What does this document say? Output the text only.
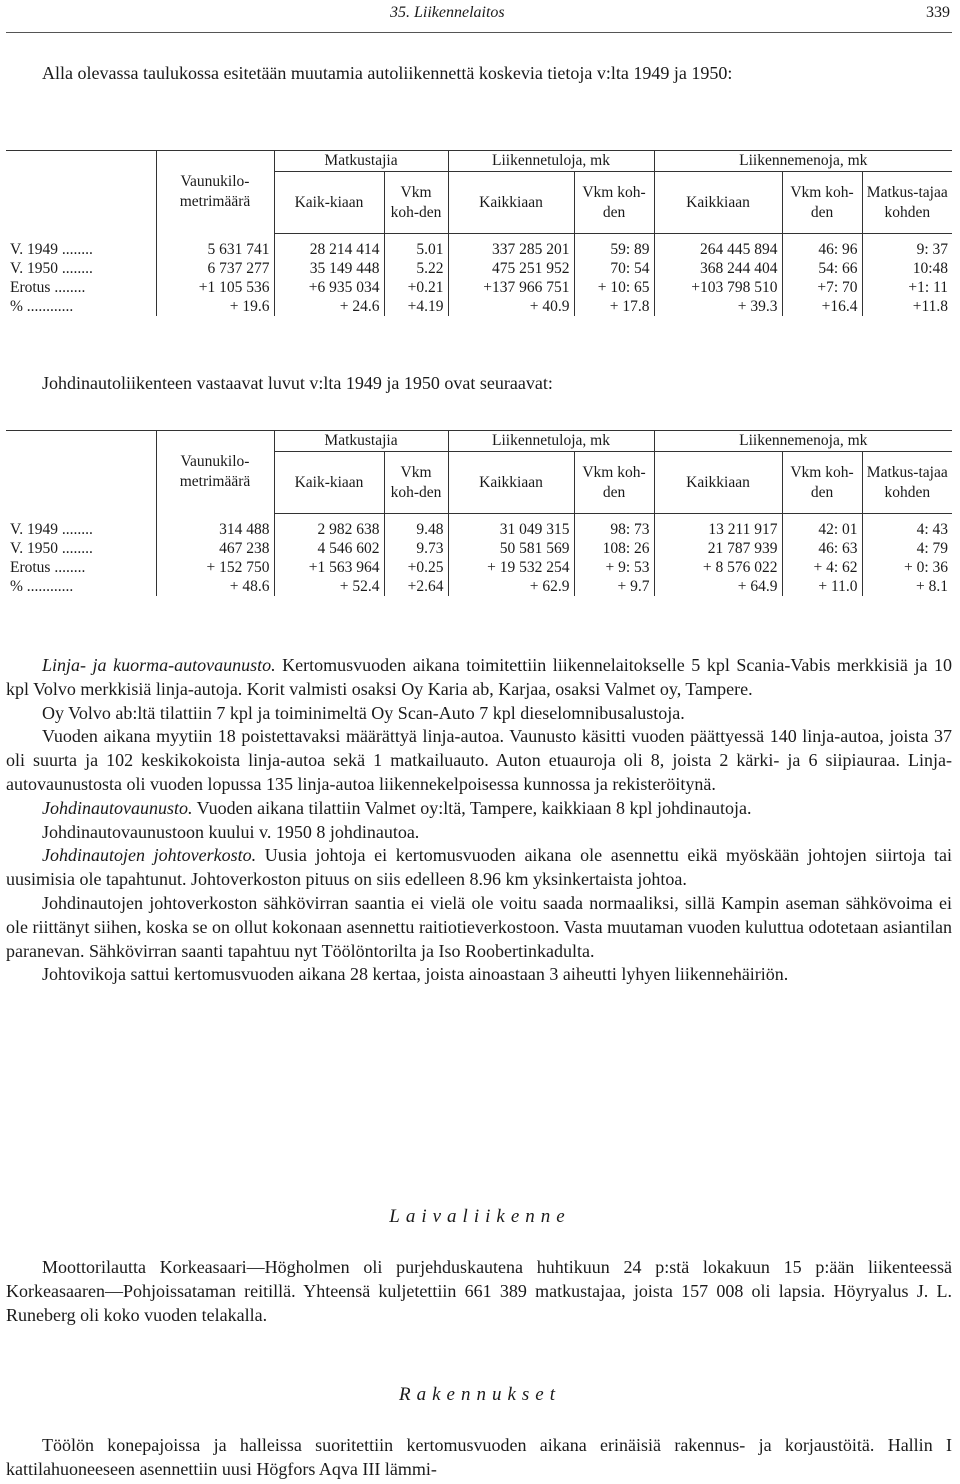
35. Liikennelaitos	339

Alla olevassa taulukossa esitetään muutamia autoliikennettä koskevia tietoja v:lta 1949 ja 1950:

	Vaunukilo-metrimäärä	Matkustajia		Liikennetuloja, mk		Liikennemenoja, mk		
		Kaik-kiaan	Vkm koh-den	Kaikkiaan	Vkm koh-den	Kaikkiaan	Vkm koh-den	Matkus-tajaa kohden
V. 1949 ........	5 631 741	28 214 414	5.01	337 285 201	59: 89	264 445 894	46: 96	9: 37
V. 1950 ........	6 737 277	35 149 448	5.22	475 251 952	70: 54	368 244 404	54: 66	10:48
Erotus ........	+1 105 536	+6 935 034	+0.21	+137 966 751	+ 10: 65	+103 798 510	+7: 70	+1: 11
% ............	+ 19.6	+ 24.6	+4.19	+ 40.9	+ 17.8	+ 39.3	+16.4	+11.8

Johdinautoliikenteen vastaavat luvut v:lta 1949 ja 1950 ovat seuraavat:

	Vaunukilo-metrimäärä	Matkustajia		Liikennetuloja, mk		Liikennemenoja, mk		
		Kaik-kiaan	Vkm koh-den	Kaikkiaan	Vkm koh-den	Kaikkiaan	Vkm koh-den	Matkus-tajaa kohden
V. 1949 ........	314 488	2 982 638	9.48	31 049 315	98: 73	13 211 917	42: 01	4: 43
V. 1950 ........	467 238	4 546 602	9.73	50 581 569	108: 26	21 787 939	46: 63	4: 79
Erotus ........	+ 152 750	+1 563 964	+0.25	+ 19 532 254	+ 9: 53	+ 8 576 022	+ 4: 62	+ 0: 36
% ............	+ 48.6	+ 52.4	+2.64	+ 62.9	+ 9.7	+ 64.9	+ 11.0	+ 8.1

Linja- ja kuorma-autovaunusto. Kertomusvuoden aikana toimitettiin liikennelaitokselle 5 kpl Scania-Vabis merkkisiä ja 10 kpl Volvo merkkisiä linja-autoja. Korit valmisti osaksi Oy Karia ab, Karjaa, osaksi Valmet oy, Tampere.

Oy Volvo ab:ltä tilattiin 7 kpl ja toiminimeltä Oy Scan-Auto 7 kpl dieselomnibusalustoja.

Vuoden aikana myytiin 18 poistettavaksi määrättyä linja-autoa. Vaunusto käsitti vuoden päättyessä 140 linja-autoa, joista 37 oli suurta ja 102 keskikokoista linja-autoa sekä 1 matkailuauto. Auton etuauroja oli 8, joista 2 kärki- ja 6 siipiauraa. Linja-autovaunustosta oli vuoden lopussa 135 linja-autoa liikennekelpoisessa kunnossa ja rekisteröitynä.

Johdinautovaunusto. Vuoden aikana tilattiin Valmet oy:ltä, Tampere, kaikkiaan 8 kpl johdinautoja.

Johdinautovaunustoon kuului v. 1950 8 johdinautoa.

Johdinautojen johtoverkosto. Uusia johtoja ei kertomusvuoden aikana ole asennettu eikä myöskään johtojen siirtoja tai uusimisia ole tapahtunut. Johtoverkoston pituus on siis edelleen 8.96 km yksinkertaista johtoa.

Johdinautojen johtoverkoston sähkövirran saantia ei vielä ole voitu saada normaaliksi, sillä Kampin aseman sähkövoima ei ole riittänyt siihen, koska se on ollut kokonaan asennettu raitiotieverkostoon. Vasta muutaman vuoden kuluttua odotetaan asiantilan paranevan. Sähkövirran saanti tapahtuu nyt Töölöntorilta ja Iso Roobertinkadulta.

Johtovikoja sattui kertomusvuoden aikana 28 kertaa, joista ainoastaan 3 aiheutti lyhyen liikennehäiriön.

Laivaliikenne

Moottorilautta Korkeasaari—Högholmen oli purjehduskautena huhtikuun 24 p:stä lokakuun 15 p:ään liikenteessä Korkeasaaren—Pohjoissataman reitillä. Yhteensä kuljetettiin 661 389 matkustajaa, joista 157 008 oli lapsia. Höyryalus J. L. Runeberg oli koko vuoden telakalla.

Rakennukset

Töölön konepajoissa ja halleissa suoritettiin kertomusvuoden aikana erinäisiä rakennus- ja korjaustöitä. Hallin I kattilahuoneeseen asennettiin uusi Högfors Aqva III lämmi-
